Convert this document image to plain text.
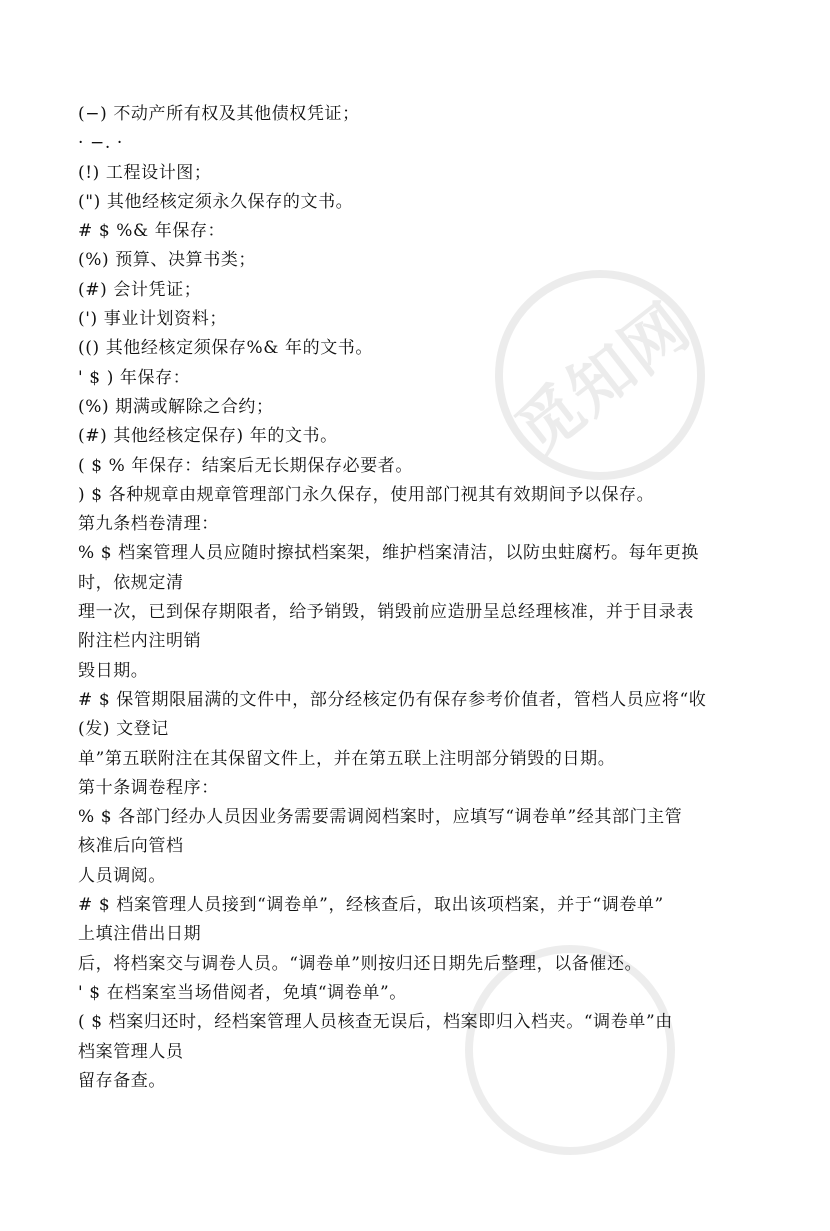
觅知网
(−) 不动产所有权及其他债权凭证；
· −. ·
(!) 工程设计图；
(") 其他经核定须永久保存的文书。
# $ %& 年保存：
(%) 预算、决算书类；
(#) 会计凭证；
(') 事业计划资料；
(() 其他经核定须保存%& 年的文书。
' $ ) 年保存：
(%) 期满或解除之合约；
(#) 其他经核定保存) 年的文书。
( $ % 年保存：结案后无长期保存必要者。
) $ 各种规章由规章管理部门永久保存，使用部门视其有效期间予以保存。
第九条档卷清理：
% $ 档案管理人员应随时擦拭档案架，维护档案清洁，以防虫蛀腐朽。每年更换
时，依规定清
理一次，已到保存期限者，给予销毁，销毁前应造册呈总经理核准，并于目录表
附注栏内注明销
毁日期。
# $ 保管期限届满的文件中，部分经核定仍有保存参考价值者，管档人员应将“收
(发) 文登记
单”第五联附注在其保留文件上，并在第五联上注明部分销毁的日期。
第十条调卷程序：
% $ 各部门经办人员因业务需要需调阅档案时，应填写“调卷单”经其部门主管
核准后向管档
人员调阅。
# $ 档案管理人员接到“调卷单”，经核查后，取出该项档案，并于“调卷单”
上填注借出日期
后，将档案交与调卷人员。“调卷单”则按归还日期先后整理，以备催还。
' $ 在档案室当场借阅者，免填“调卷单”。
( $ 档案归还时，经档案管理人员核查无误后，档案即归入档夹。“调卷单”由
档案管理人员
留存备查。
